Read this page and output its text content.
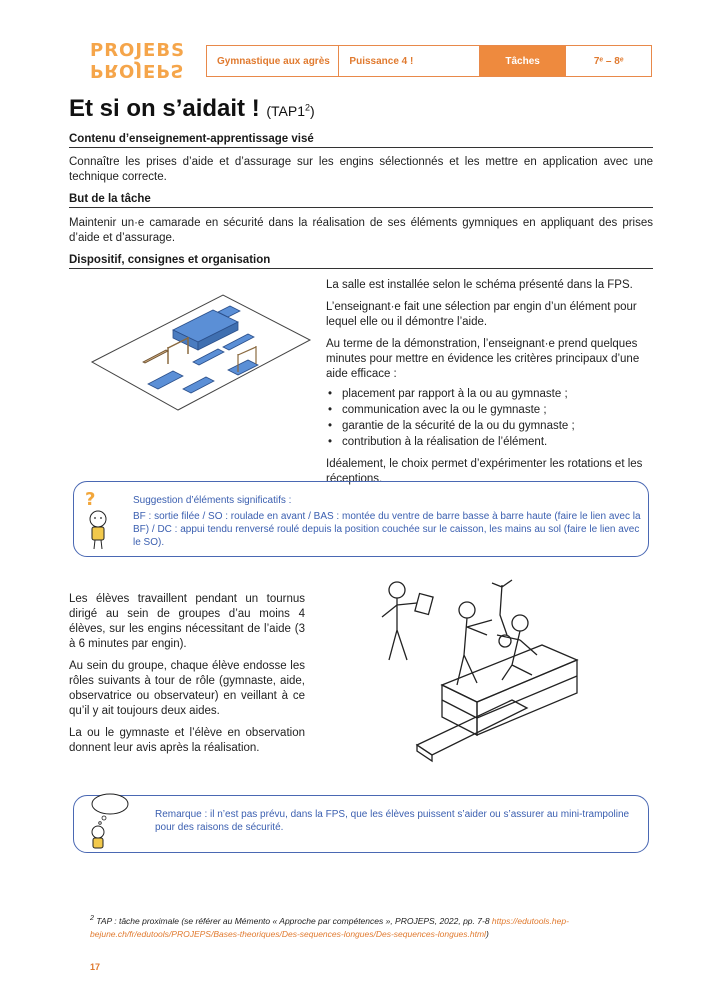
PROJEBS
PROJEPS	Gymnastique aux agrès	Puissance 4 !	Tâches	7ᵉ – 8ᵉ
Et si on s’aidait ! $(TAP1^2)$
Contenu d’enseignement-apprentissage visé
Connaître les prises d’aide et d’assurage sur les engins sélectionnés et les mettre en application avec une technique correcte.
But de la tâche
Maintenir un·e camarade en sécurité dans la réalisation de ses éléments gymniques en appliquant des prises d’aide et d’assurage.
Dispositif, consignes et organisation

La salle est installée selon le schéma présenté dans la FPS.

L’enseignant·e fait une sélection par engin d’un élément pour lequel elle ou il démontre l’aide.

Au terme de la démonstration, l’enseignant·e prend quelques minutes pour mettre en évidence les critères principaux d’une aide efficace :

• placement par rapport à la ou au gymnaste ;
• communication avec la ou le gymnaste ;
• garantie de la sécurité de la ou du gymnaste ;
• contribution à la réalisation de l’élément.

Idéalement, le choix permet d’expérimenter les rotations et les réceptions.

?	Suggestion d’éléments significatifs :
BF : sortie filée / SO : roulade en avant / BAS : montée du ventre de barre basse à barre haute (faire le lien avec la BF) / DC : appui tendu renversé roulé depuis la position couchée sur le caisson, les mains au sol (faire le lien avec le SO).

Les élèves travaillent pendant un tournus dirigé au sein de groupes d’au moins 4 élèves, sur les engins nécessitant de l’aide (3 à 6 minutes par engin).

Au sein du groupe, chaque élève endosse les rôles suivants à tour de rôle (gymnaste, aide, observatrice ou observateur) en veillant à ce qu’il y ait toujours deux aides.

La ou le gymnaste et l’élève en observation donnent leur avis après la réalisation.

Remarque : il n’est pas prévu, dans la FPS, que les élèves puissent s’aider ou s’assurer au mini-trampoline pour des raisons de sécurité.
$^2$ TAP : tâche proximale (se référer au Mémento « Approche par compétences », PROJEPS, 2022, pp. 7-8 https://edutools.hep-bejune.ch/fr/edutools/PROJEPS/Bases-theoriques/Des-sequences-longues/Des-sequences-longues.html)
17
